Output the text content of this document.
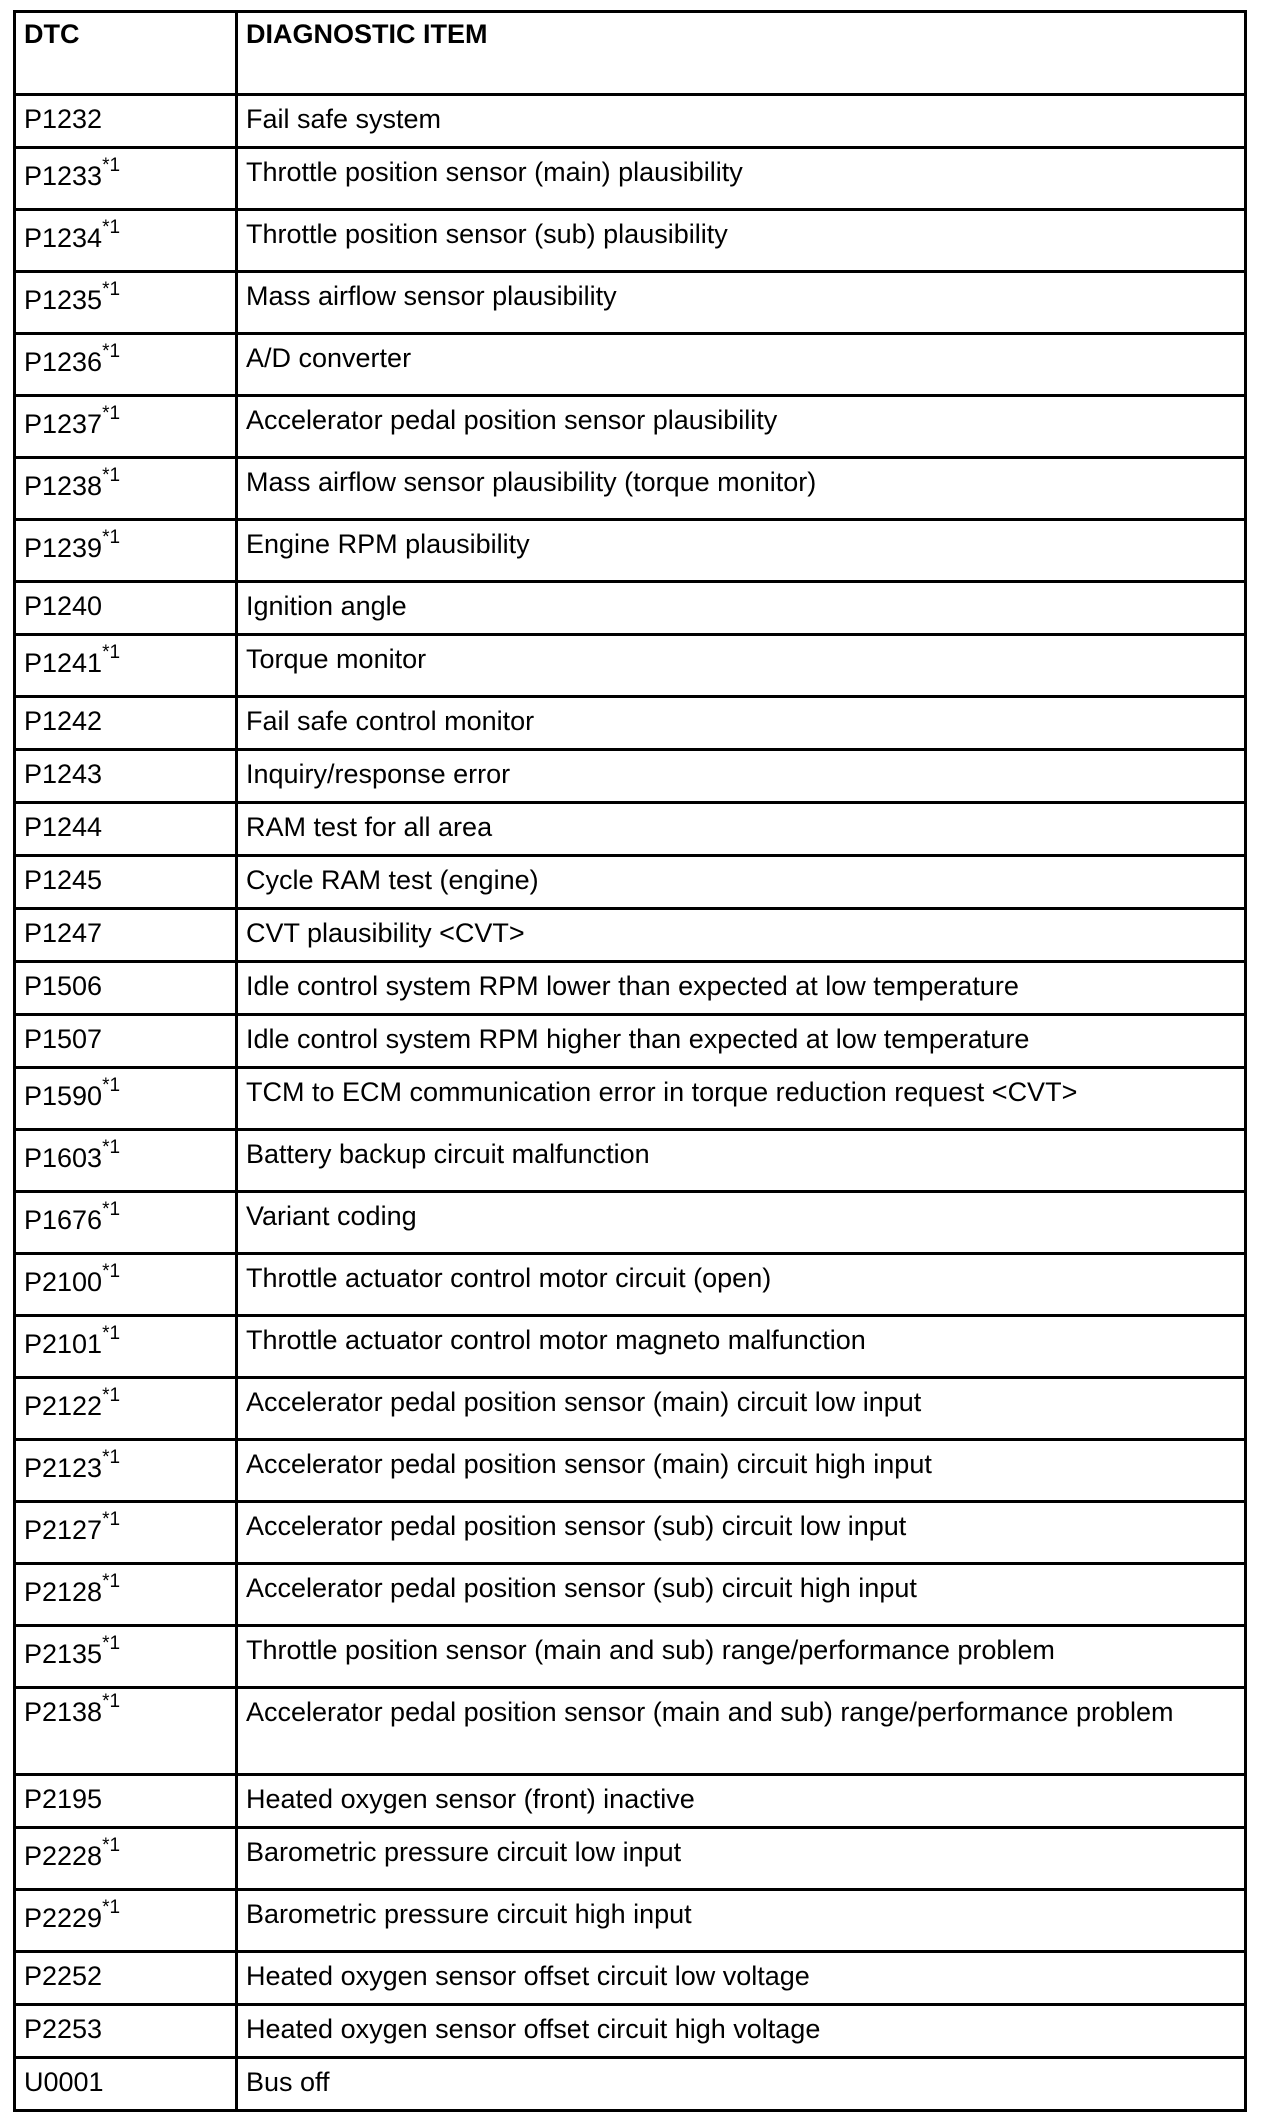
DTC	DIAGNOSTIC ITEM
P1232	Fail safe system
P1233$^{*1}$	Throttle position sensor (main) plausibility
P1234$^{*1}$	Throttle position sensor (sub) plausibility
P1235$^{*1}$	Mass airflow sensor plausibility
P1236$^{*1}$	A/D converter
P1237$^{*1}$	Accelerator pedal position sensor plausibility
P1238$^{*1}$	Mass airflow sensor plausibility (torque monitor)
P1239$^{*1}$	Engine RPM plausibility
P1240	Ignition angle
P1241$^{*1}$	Torque monitor
P1242	Fail safe control monitor
P1243	Inquiry/response error
P1244	RAM test for all area
P1245	Cycle RAM test (engine)
P1247	CVT plausibility <CVT>
P1506	Idle control system RPM lower than expected at low temperature
P1507	Idle control system RPM higher than expected at low temperature
P1590$^{*1}$	TCM to ECM communication error in torque reduction request <CVT>
P1603$^{*1}$	Battery backup circuit malfunction
P1676$^{*1}$	Variant coding
P2100$^{*1}$	Throttle actuator control motor circuit (open)
P2101$^{*1}$	Throttle actuator control motor magneto malfunction
P2122$^{*1}$	Accelerator pedal position sensor (main) circuit low input
P2123$^{*1}$	Accelerator pedal position sensor (main) circuit high input
P2127$^{*1}$	Accelerator pedal position sensor (sub) circuit low input
P2128$^{*1}$	Accelerator pedal position sensor (sub) circuit high input
P2135$^{*1}$	Throttle position sensor (main and sub) range/performance problem
P2138$^{*1}$	Accelerator pedal position sensor (main and sub) range/performance problem
P2195	Heated oxygen sensor (front) inactive
P2228$^{*1}$	Barometric pressure circuit low input
P2229$^{*1}$	Barometric pressure circuit high input
P2252	Heated oxygen sensor offset circuit low voltage
P2253	Heated oxygen sensor offset circuit high voltage
U0001	Bus off
